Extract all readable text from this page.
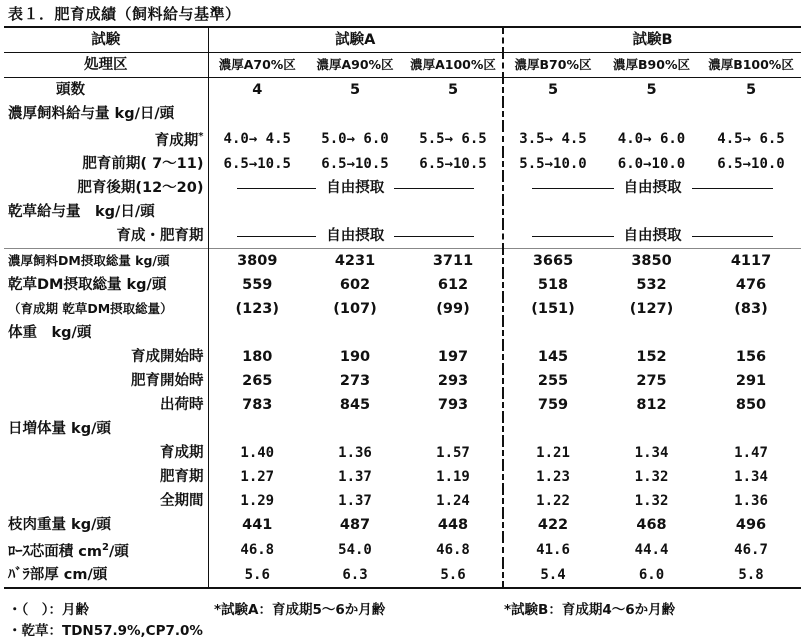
表１．肥育成績（飼料給与基準）
試験	試験A			試験B		
処理区	濃厚A70%区	濃厚A90%区	濃厚A100%区	濃厚B70%区	濃厚B90%区	濃厚B100%区
頭数	4	5	5	5	5	5
濃厚飼料給与量 kg/日/頭						
育成期*	4.0→ 4.5	5.0→ 6.0	5.5→ 6.5	3.5→ 4.5	4.0→ 6.0	4.5→ 6.5
肥育前期( 7～11)	6.5→10.5	6.5→10.5	6.5→10.5	5.5→10.0	6.0→10.0	6.5→10.0
肥育後期(12～20)	自由摂取			自由摂取		
乾草給与量　kg/日/頭						
育成・肥育期	自由摂取			自由摂取		
濃厚飼料DM摂取総量 kg/頭	3809	4231	3711	3665	3850	4117
乾草DM摂取総量 kg/頭	559	602	612	518	532	476
（育成期 乾草DM摂取総量）	(123)	(107)	(99)	(151)	(127)	(83)
体重　kg/頭						
育成開始時	180	190	197	145	152	156
肥育開始時	265	273	293	255	275	291
出荷時	783	845	793	759	812	850
日増体量 kg/頭						
育成期	1.40	1.36	1.57	1.21	1.34	1.47
肥育期	1.27	1.37	1.19	1.23	1.32	1.34
全期間	1.29	1.37	1.24	1.22	1.32	1.36
枝肉重量 kg/頭	441	487	448	422	468	496
ﾛｰｽ芯面積 $cm^2/$頭	46.8	54.0	46.8	41.6	44.4	46.7
ﾊﾞﾗ部厚 cm/頭	5.6	6.3	5.6	5.4	6.0	5.8
・（　）：月齢	*試験A：育成期5～6か月齢	*試験B：育成期4～6か月齢
・乾草：TDN57.9%,CP7.0%
